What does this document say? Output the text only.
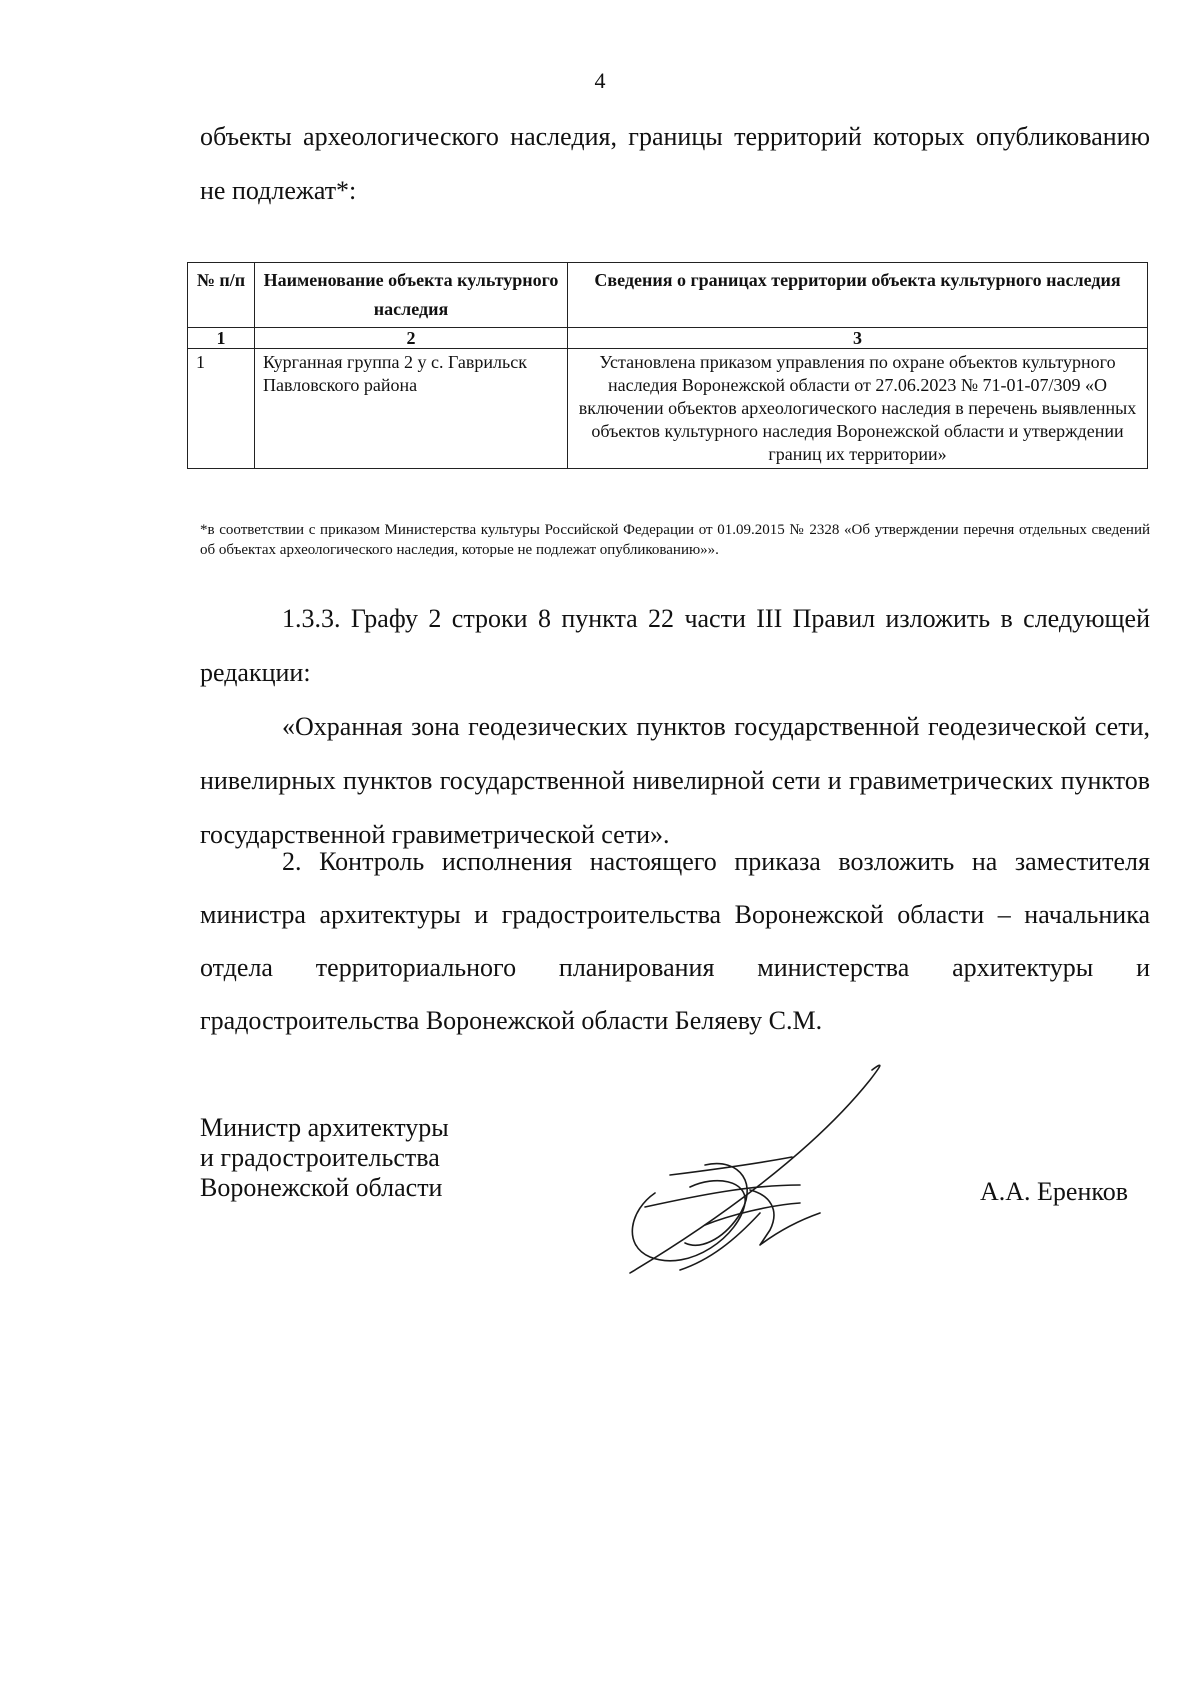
4
объекты археологического наследия, границы территорий которых опубликованию не подлежат*:
№ п/п	Наименование объекта культурного наследия	Сведения о границах территории объекта культурного наследия
1	2	3
1	Курганная группа 2 у с. Гаврильск Павловского района	Установлена приказом управления по охране объектов культурного наследия Воронежской области от 27.06.2023 № 71-01-07/309 «О включении объектов археологического наследия в перечень выявленных объектов культурного наследия Воронежской области и утверждении границ их территории»
*в соответствии с приказом Министерства культуры Российской Федерации от 01.09.2015 № 2328 «Об утверждении перечня отдельных сведений об объектах археологического наследия, которые не подлежат опубликованию»».
1.3.3. Графу 2 строки 8 пункта 22 части III Правил изложить в следующей редакции:
«Охранная зона геодезических пунктов государственной геодезической сети, нивелирных пунктов государственной нивелирной сети и гравиметрических пунктов государственной гравиметрической сети».
2. Контроль исполнения настоящего приказа возложить на заместителя министра архитектуры и градостроительства Воронежской области – начальника отдела территориального планирования министерства архитектуры и градостроительства Воронежской области Беляеву С.М.
Министр архитектуры
и градостроительства
Воронежской области	А.А. Еренков
